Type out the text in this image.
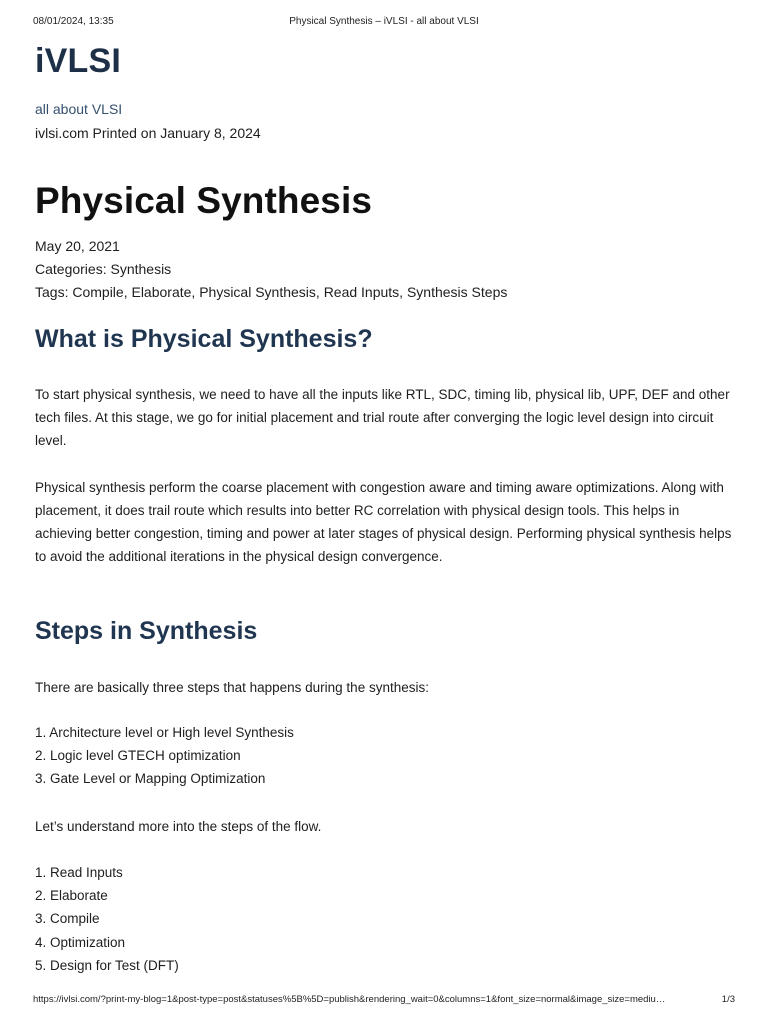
08/01/2024, 13:35	Physical Synthesis – iVLSI - all about VLSI
iVLSI
all about VLSI
ivlsi.com Printed on January 8, 2024
Physical Synthesis
May 20, 2021
Categories: Synthesis
Tags: Compile, Elaborate, Physical Synthesis, Read Inputs, Synthesis Steps
What is Physical Synthesis?

To start physical synthesis, we need to have all the inputs like RTL, SDC, timing lib, physical lib, UPF, DEF and other tech files. At this stage, we go for initial placement and trial route after converging the logic level design into circuit level.

Physical synthesis perform the coarse placement with congestion aware and timing aware optimizations. Along with placement, it does trail route which results into better RC correlation with physical design tools. This helps in achieving better congestion, timing and power at later stages of physical design. Performing physical synthesis helps to avoid the additional iterations in the physical design convergence.

Steps in Synthesis

There are basically three steps that happens during the synthesis:

1. Architecture level or High level Synthesis
2. Logic level GTECH optimization
3. Gate Level or Mapping Optimization

Let’s understand more into the steps of the flow.

1. Read Inputs
2. Elaborate
3. Compile
4. Optimization
5. Design for Test (DFT)
https://ivlsi.com/?print-my-blog=1&post-type=post&statuses%5B%5D=publish&rendering_wait=0&columns=1&font_size=normal&image_size=mediu…	1/3
